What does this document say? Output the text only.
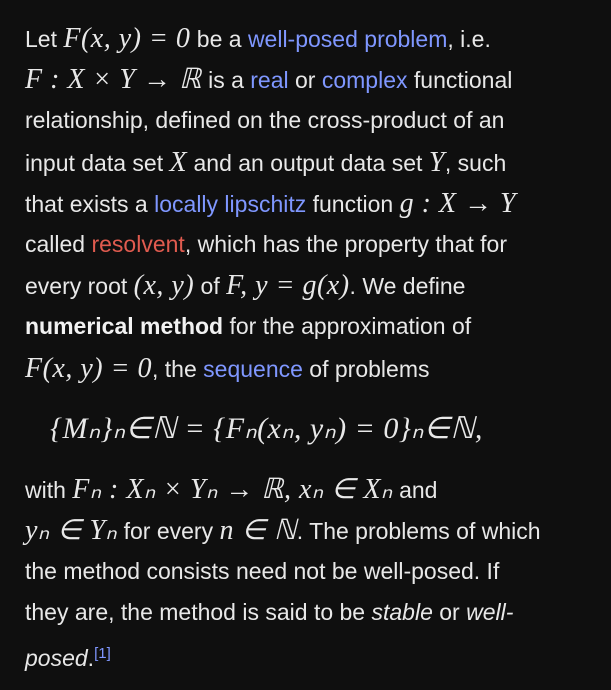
Let F(x, y) = 0 be a well-posed problem, i.e.
F : X × Y → ℝ is a real or complex functional
relationship, defined on the cross-product of an
input data set X and an output data set Y, such
that exists a locally lipschitz function g : X → Y
called resolvent, which has the property that for
every root (x, y) of F, y = g(x). We define
numerical method for the approximation of
F(x, y) = 0, the sequence of problems
{Mₙ}ₙ∈ℕ = {Fₙ(xₙ, yₙ) = 0}ₙ∈ℕ,
with Fₙ : Xₙ × Yₙ → ℝ, xₙ ∈ Xₙ and
yₙ ∈ Yₙ for every n ∈ ℕ. The problems of which
the method consists need not be well-posed. If
they are, the method is said to be stable or well-
posed.[1]
